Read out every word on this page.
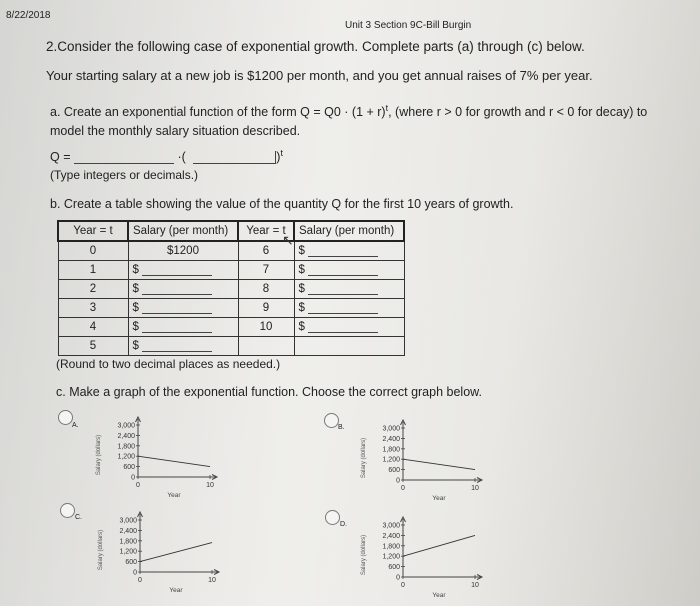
8/22/2018
Unit 3 Section 9C-Bill Burgin
2.Consider the following case of exponential growth. Complete parts (a) through (c) below.
Your starting salary at a new job is $1200 per month, and you get annual raises of 7% per year.
a. Create an exponential function of the form $Q = Q0 \cdot (1 + r)^t$, (where r > 0 for growth and r < 0 for decay) to
model the monthly salary situation described.
Q =	·(	)$^t$
(Type integers or decimals.)
b. Create a table showing the value of the quantity Q for the first 10 years of growth.
Year = t	Salary (per month)	Year = t	Salary (per month)
0	$1200	6	$
1	$	7	$
2	$	8	$
3	$	9	$
4	$	10	$
5	$		
↖
(Round to two decimal places as needed.)
c. Make a graph of the exponential function. Choose the correct graph below.
A.
Salary (dollars)
3,000
2,400
1,800
1,200
600
0
0	10
Year
B.
Salary (dollars)
3,000
2,400
1,800
1,200
600
0
0	10
Year
C.
Salary (dollars)
3,000
2,400
1,800
1,200
600
0
0	10
Year
D.
Salary (dollars)
3,000
2,400
1,800
1,200
600
0
0	10
Year
